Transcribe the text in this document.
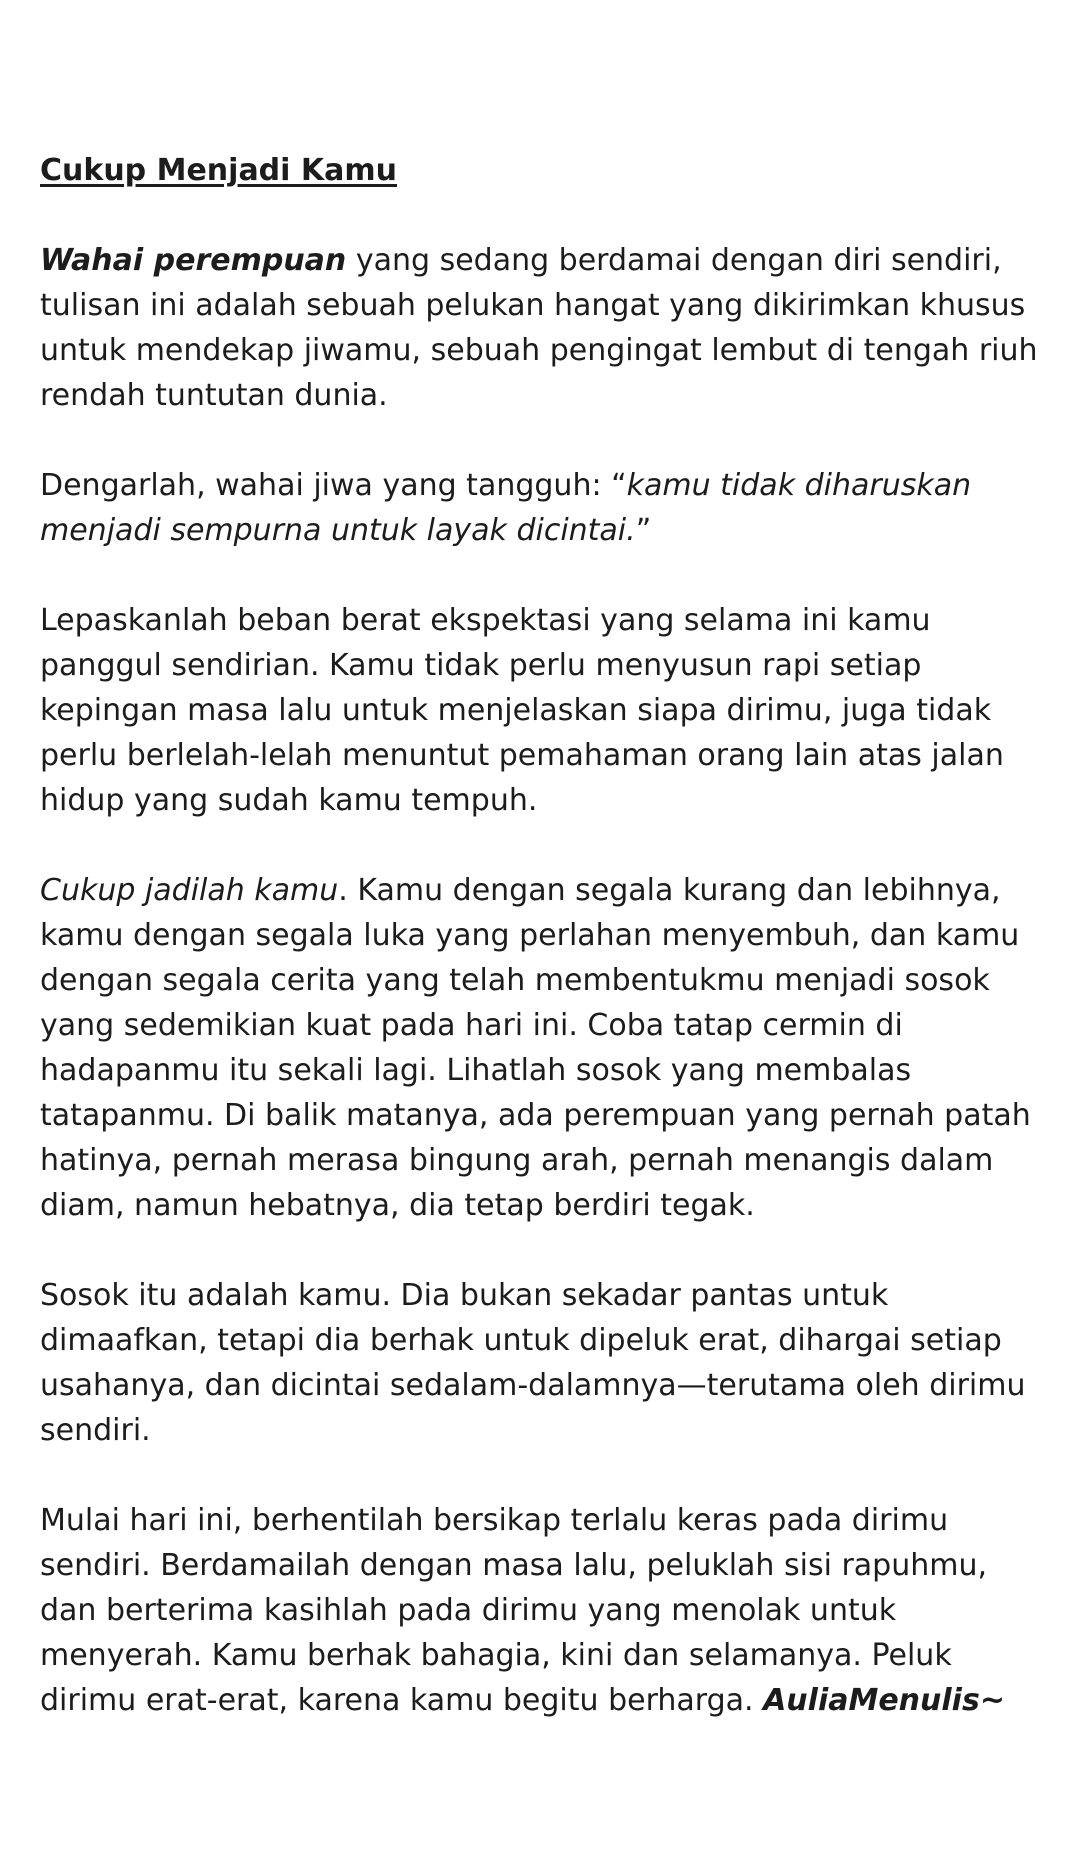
Cukup Menjadi Kamu

Wahai perempuan yang sedang berdamai dengan diri sendiri, tulisan ini adalah sebuah pelukan hangat yang dikirimkan khusus untuk mendekap jiwamu, sebuah pengingat lembut di tengah riuh rendah tuntutan dunia.

Dengarlah, wahai jiwa yang tangguh: “kamu tidak diharuskan menjadi sempurna untuk layak dicintai.”

Lepaskanlah beban berat ekspektasi yang selama ini kamu panggul sendirian. Kamu tidak perlu menyusun rapi setiap kepingan masa lalu untuk menjelaskan siapa dirimu, juga tidak perlu berlelah-lelah menuntut pemahaman orang lain atas jalan hidup yang sudah kamu tempuh.

Cukup jadilah kamu. Kamu dengan segala kurang dan lebihnya, kamu dengan segala luka yang perlahan menyembuh, dan kamu dengan segala cerita yang telah membentukmu menjadi sosok yang sedemikian kuat pada hari ini. Coba tatap cermin di hadapanmu itu sekali lagi. Lihatlah sosok yang membalas tatapanmu. Di balik matanya, ada perempuan yang pernah patah hatinya, pernah merasa bingung arah, pernah menangis dalam diam, namun hebatnya, dia tetap berdiri tegak.

Sosok itu adalah kamu. Dia bukan sekadar pantas untuk dimaafkan, tetapi dia berhak untuk dipeluk erat, dihargai setiap usahanya, dan dicintai sedalam-dalamnya—terutama oleh dirimu sendiri.

Mulai hari ini, berhentilah bersikap terlalu keras pada dirimu sendiri. Berdamailah dengan masa lalu, peluklah sisi rapuhmu, dan berterima kasihlah pada dirimu yang menolak untuk menyerah. Kamu berhak bahagia, kini dan selamanya. Peluk dirimu erat-erat, karena kamu begitu berharga. AuliaMenulis~
